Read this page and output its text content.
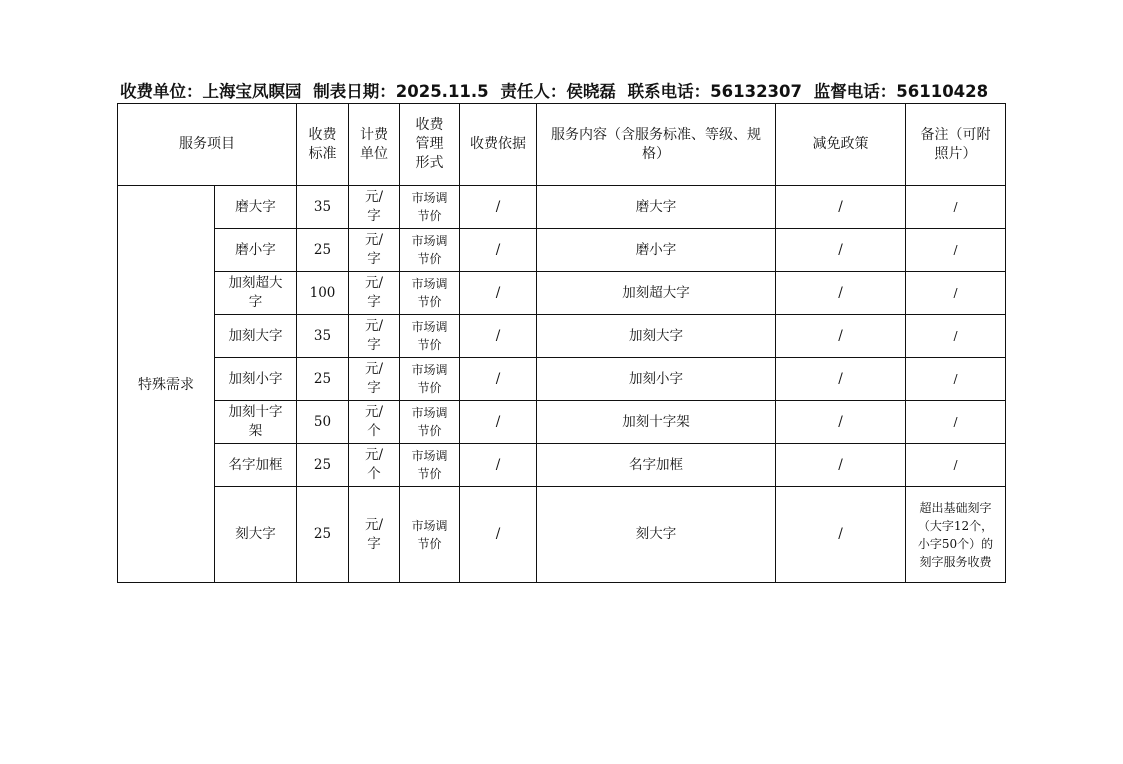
收费单位：上海宝凤瞑园 制表日期：2025.11.5 责任人：侯晓磊 联系电话：56132307 监督电话：56110428
服务项目		收费标准	计费单位	收费管理形式	收费依据	服务内容（含服务标准、等级、规格）	减免政策	备注（可附照片）
特殊需求	磨大字	35	元/字	市场调节价	/	磨大字	/	/
	磨小字	25	元/字	市场调节价	/	磨小字	/	/
	加刻超大字	100	元/字	市场调节价	/	加刻超大字	/	/
	加刻大字	35	元/字	市场调节价	/	加刻大字	/	/
	加刻小字	25	元/字	市场调节价	/	加刻小字	/	/
	加刻十字架	50	元/个	市场调节价	/	加刻十字架	/	/
	名字加框	25	元/个	市场调节价	/	名字加框	/	/
	刻大字	25	元/字	市场调节价	/	刻大字	/	超出基础刻字（大字12个，小字50个）的刻字服务收费
